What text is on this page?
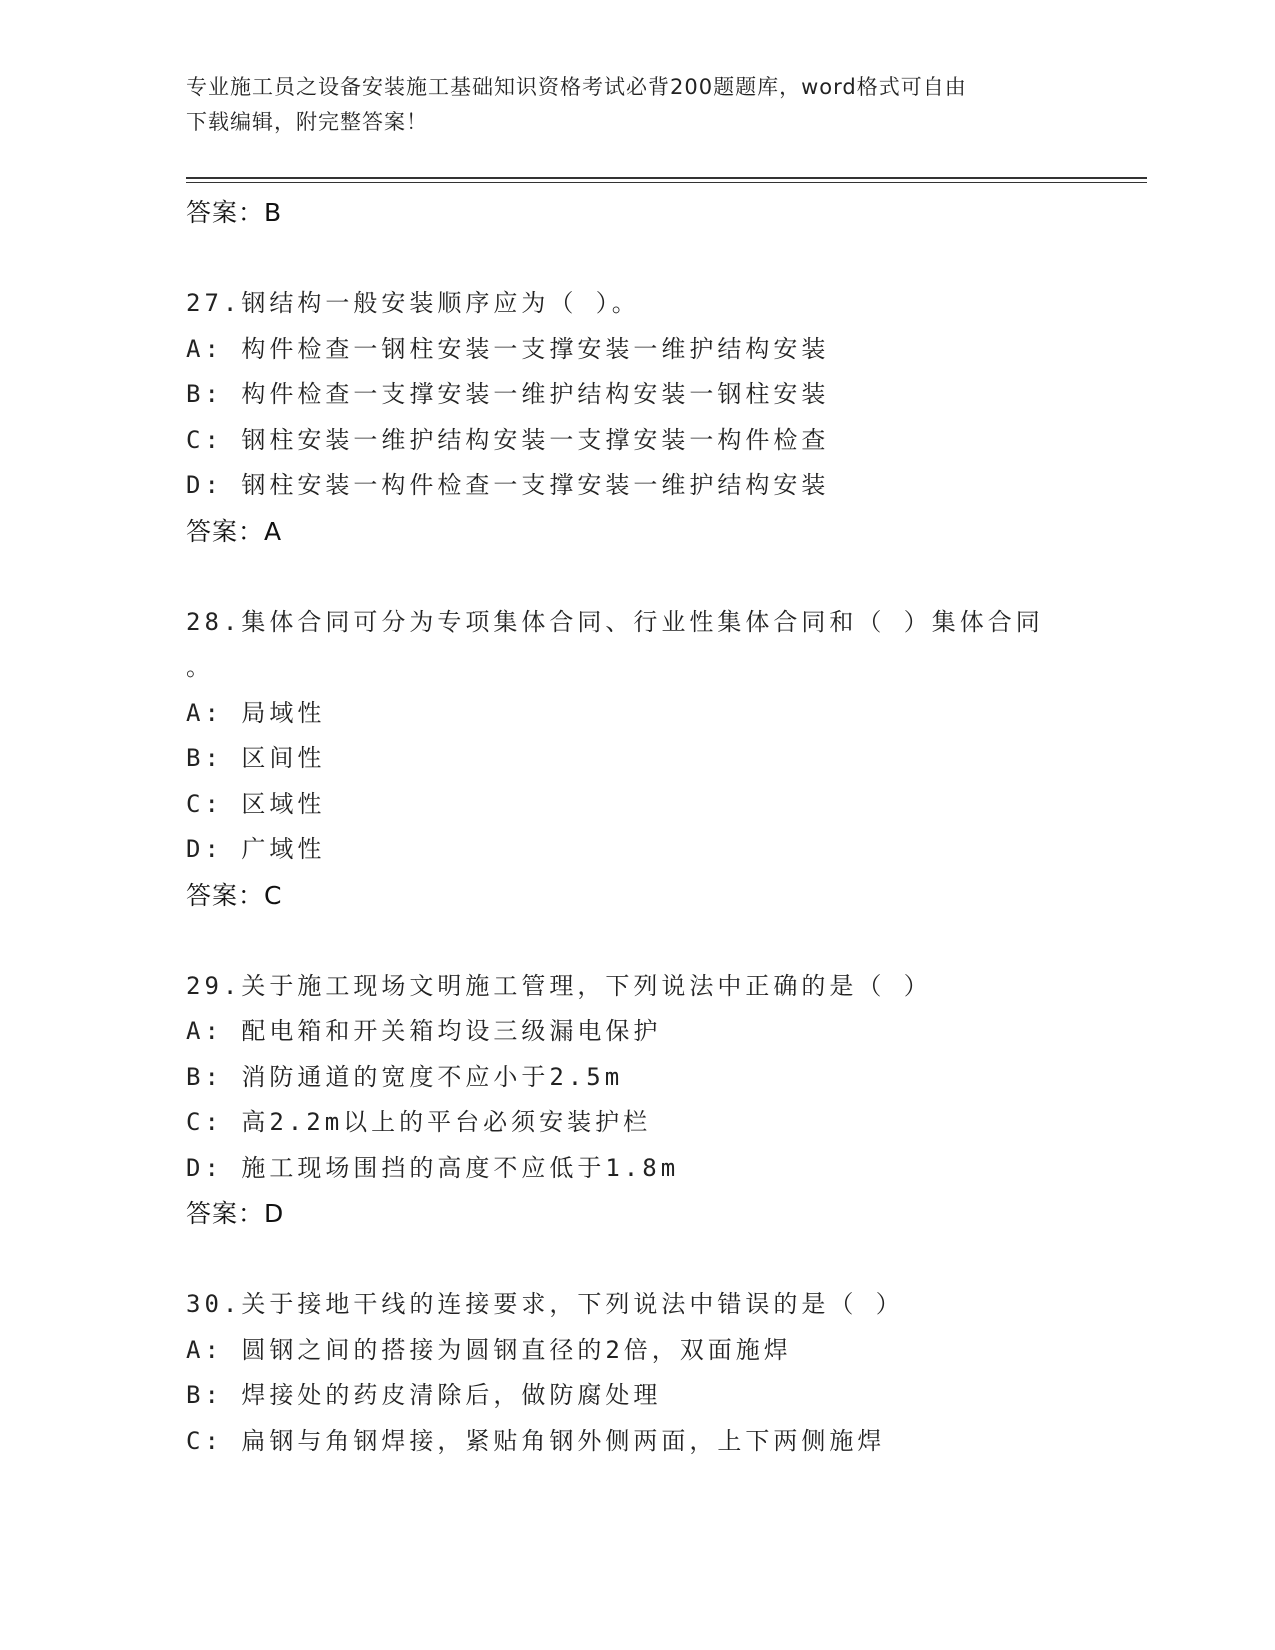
专业施工员之设备安装施工基础知识资格考试必背200题题库，word格式可自由
下载编辑，附完整答案！
答案：B
27.钢结构一般安装顺序应为（ ）。
A: 构件检查一钢柱安装一支撑安装一维护结构安装
B: 构件检查一支撑安装一维护结构安装一钢柱安装
C: 钢柱安装一维护结构安装一支撑安装一构件检查
D: 钢柱安装一构件检查一支撑安装一维护结构安装
答案：A
28.集体合同可分为专项集体合同、行业性集体合同和（ ）集体合同
。
A: 局域性
B: 区间性
C: 区域性
D: 广域性
答案：C
29.关于施工现场文明施工管理，下列说法中正确的是（ ）
A: 配电箱和开关箱均设三级漏电保护
B: 消防通道的宽度不应小于2.5m
C: 高2.2m以上的平台必须安装护栏
D: 施工现场围挡的高度不应低于1.8m
答案：D
30.关于接地干线的连接要求，下列说法中错误的是（ ）
A: 圆钢之间的搭接为圆钢直径的2倍，双面施焊
B: 焊接处的药皮清除后，做防腐处理
C: 扁钢与角钢焊接，紧贴角钢外侧两面，上下两侧施焊
